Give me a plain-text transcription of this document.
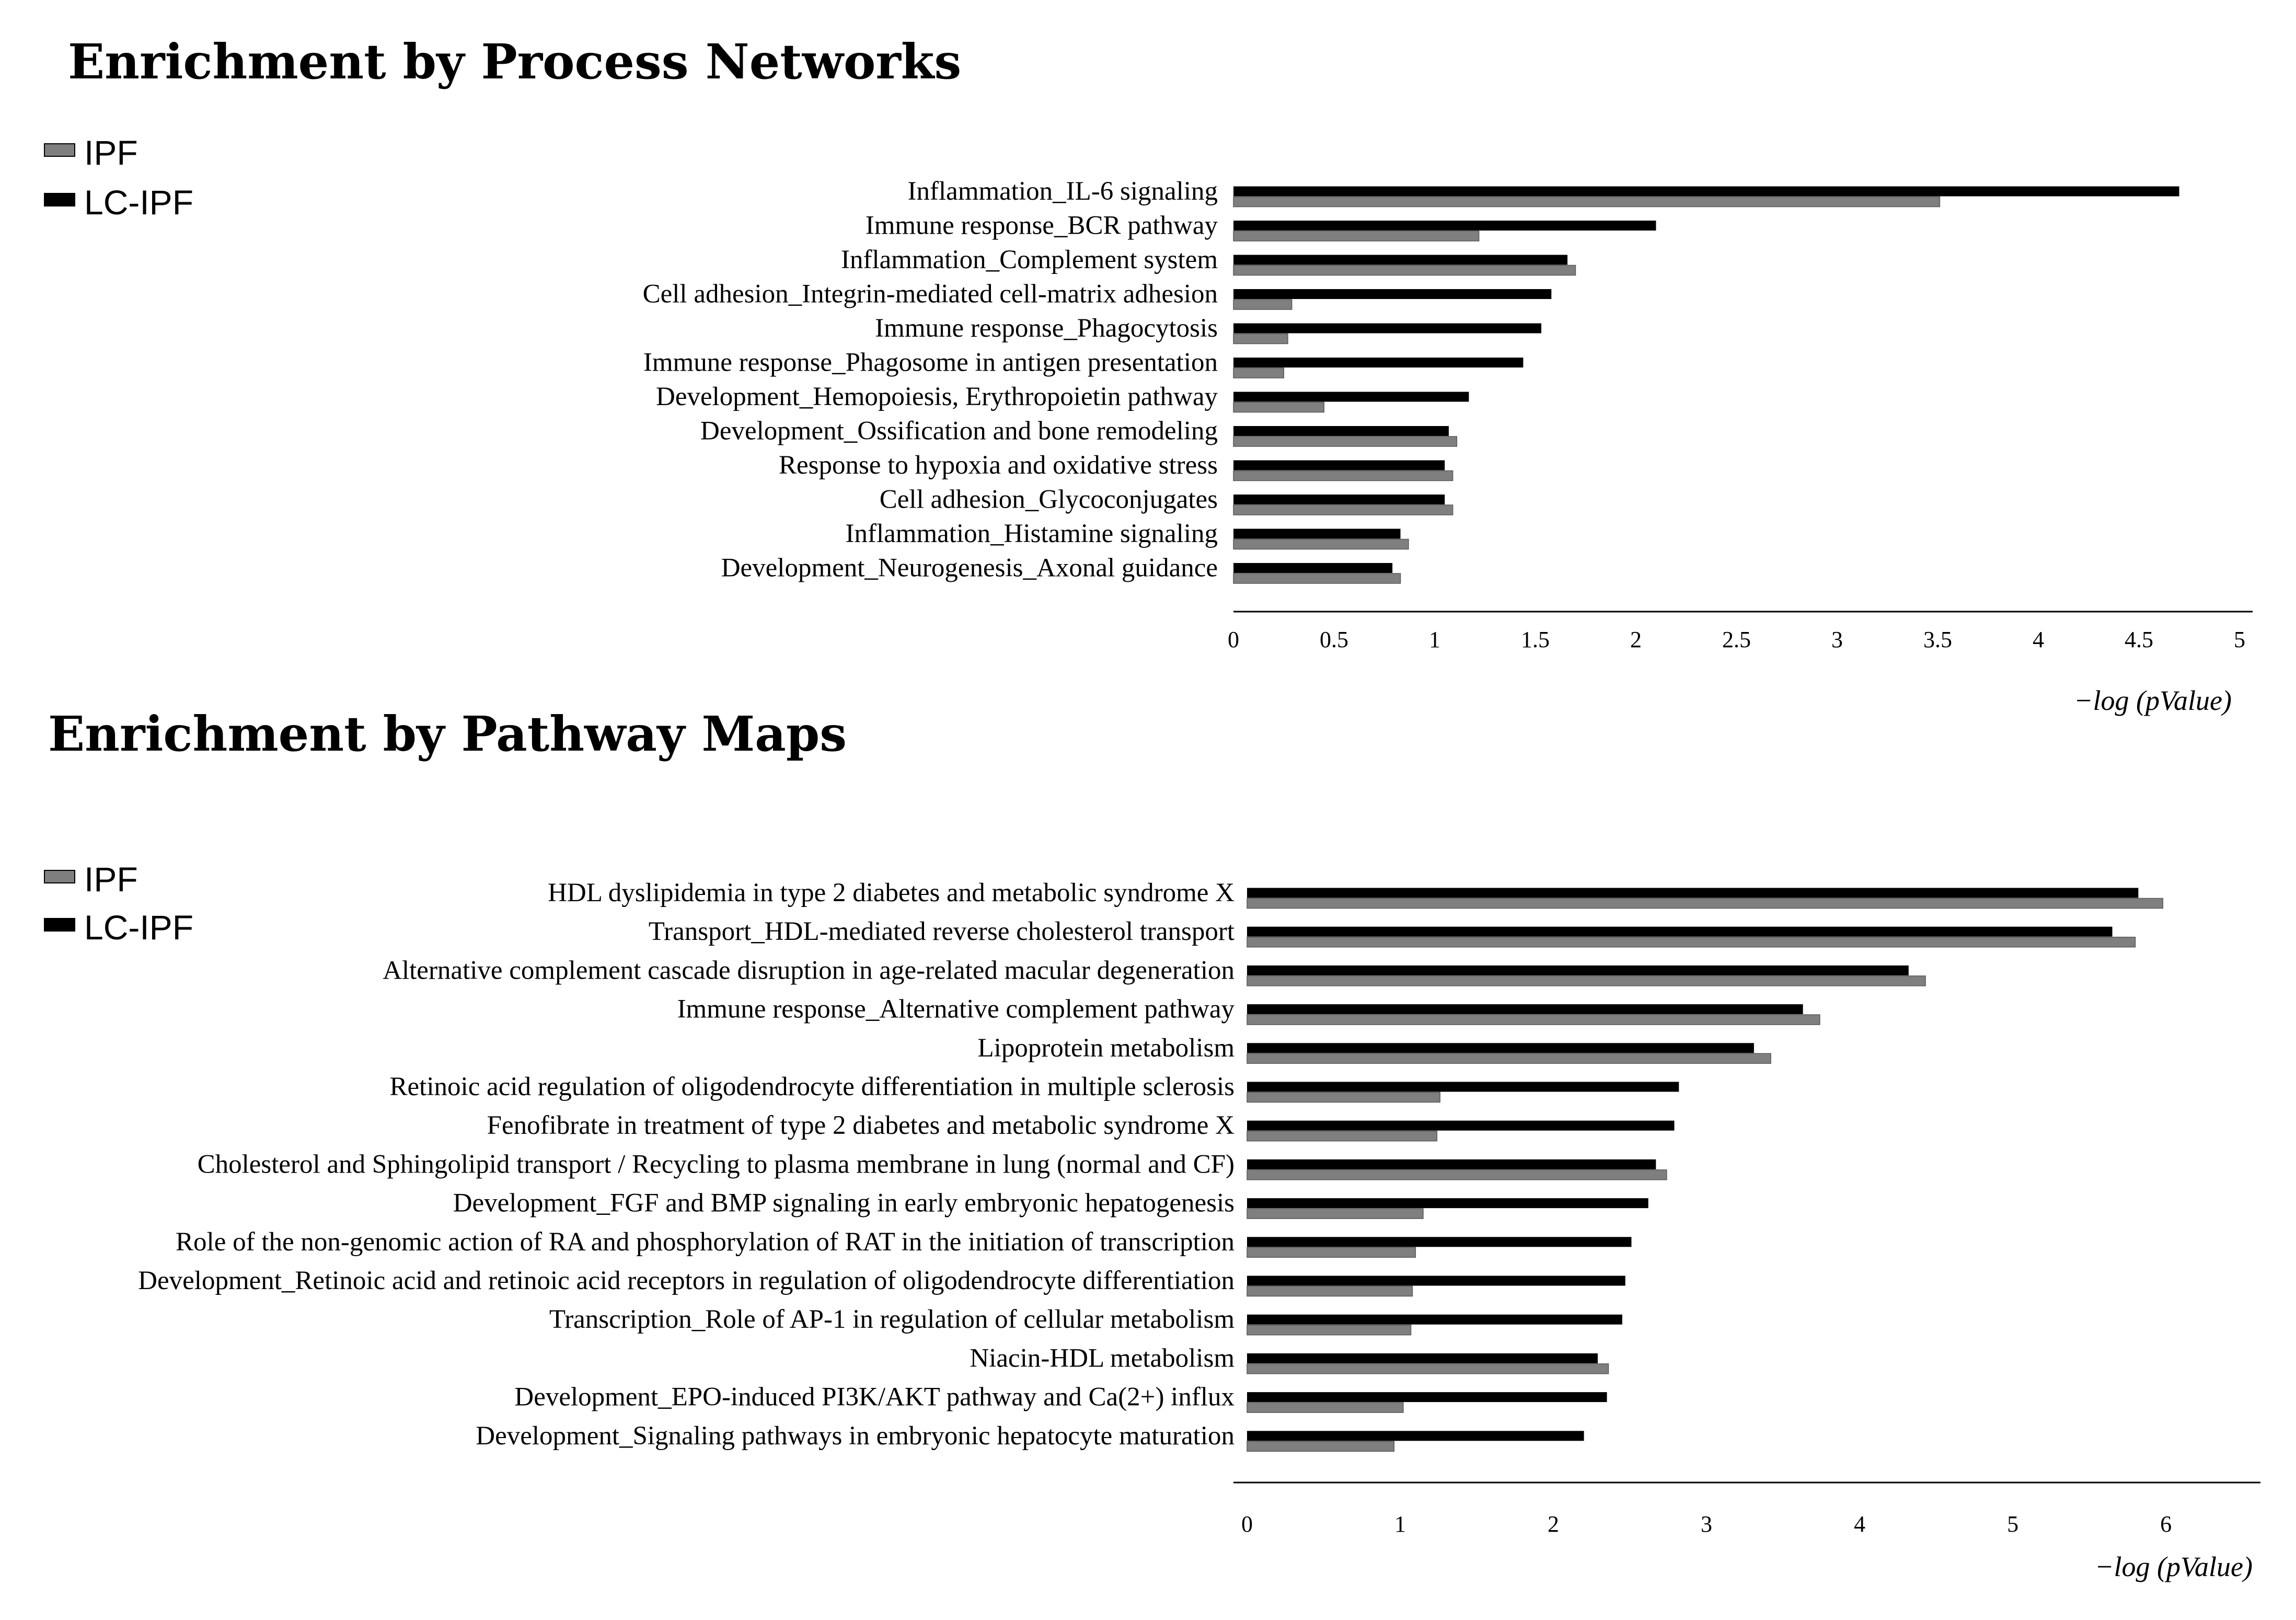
Enrichment by Process Networks
IPF
LC-IPF	Inflammation_IL-6 signaling
Immune response_BCR pathway
Inflammation_Complement system
Cell adhesion_Integrin-mediated cell-matrix adhesion
Immune response_Phagocytosis
Immune response_Phagosome in antigen presentation
Development_Hemopoiesis, Erythropoietin pathway
Development_Ossification and bone remodeling
Response to hypoxia and oxidative stress
Cell adhesion_Glycoconjugates
Inflammation_Histamine signaling
Development_Neurogenesis_Axonal guidance
0	0.5	1	1.5	2	2.5	3	3.5	4	4.5	5
−log (pValue)
Enrichment by Pathway Maps
IPF
LC-IPF
HDL dyslipidemia in type 2 diabetes and metabolic syndrome X
Transport_HDL-mediated reverse cholesterol transport
Alternative complement cascade disruption in age-related macular degeneration
Immune response_Alternative complement pathway
Lipoprotein metabolism
Retinoic acid regulation of oligodendrocyte differentiation in multiple sclerosis
Fenofibrate in treatment of type 2 diabetes and metabolic syndrome X
Cholesterol and Sphingolipid transport / Recycling to plasma membrane in lung (normal and CF)
Development_FGF and BMP signaling in early embryonic hepatogenesis
Role of the non-genomic action of RA and phosphorylation of RAT in the initiation of transcription
Development_Retinoic acid and retinoic acid receptors in regulation of oligodendrocyte differentiation
Transcription_Role of AP-1 in regulation of cellular metabolism
Niacin-HDL metabolism
Development_EPO-induced PI3K/AKT pathway and Ca(2+) influx
Development_Signaling pathways in embryonic hepatocyte maturation
0	1	2	3	4	5	6
−log (pValue)
